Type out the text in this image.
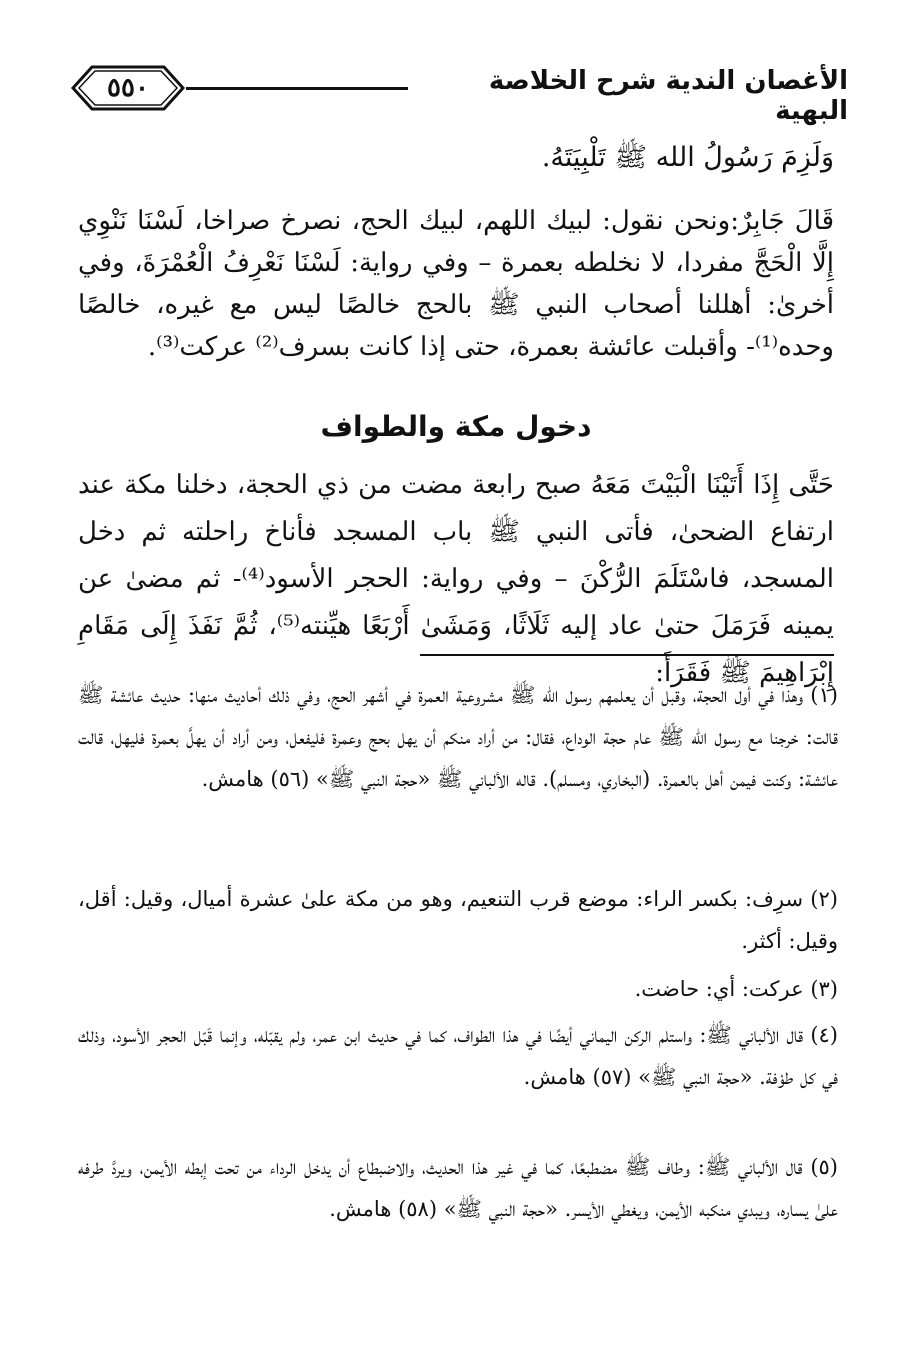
٥٥٠	الأغصان الندية شرح الخلاصة البهية
وَلَزِمَ رَسُولُ الله ﷺ تَلْبِيَتَهُ.
قَالَ جَابِرٌ:ونحن نقول: لبيك اللهم، لبيك الحج، نصرخ صراخا، لَسْنَا نَنْوِي إِلَّا الْحَجَّ مفردا، لا نخلطه بعمرة – وفي رواية: لَسْنَا نَعْرِفُ الْعُمْرَةَ، وفي أخرىٰ: أهللنا أصحاب النبي ﷺ بالحج خالصًا ليس مع غيره، خالصًا وحده⁽¹⁾- وأقبلت عائشة بعمرة، حتى إذا كانت بسرف⁽²⁾ عركت⁽³⁾.
دخول مكة والطواف
حَتَّى إِذَا أَتَيْنَا الْبَيْتَ مَعَهُ صبح رابعة مضت من ذي الحجة، دخلنا مكة عند ارتفاع الضحىٰ، فأتى النبي ﷺ باب المسجد فأناخ راحلته ثم دخل المسجد، فاسْتَلَمَ الرُّكْنَ – وفي رواية: الحجر الأسود⁽⁴⁾- ثم مضىٰ عن يمينه فَرَمَلَ حتىٰ عاد إليه ثَلَاثًا، وَمَشَىٰ أَرْبَعًا هيِّنته⁽⁵⁾، ثُمَّ نَفَذَ إِلَى مَقَامِ إِبْرَاهِيمَ ﷺ فَقَرَأَ:
(١) وهذا في أول الحجة، وقبل أن يعلمهم رسول الله ﷺ مشروعية العمرة في أشهر الحج، وفي ذلك أحاديث منها: حديث عائشة ﷺ قالت: خرجنا مع رسول الله ﷺ عام حجة الوداع، فقال: من أراد منكم أن يهل بحج وعمرة فليفعل، ومن أراد أن يهلَّ بعمرة فليهل، قالت عائشة: وكنت فيمن أهل بالعمرة. (البخاري، ومسلم). قاله الألباني ﷺ «حجة النبي ﷺ» (٥٦) هامش.
(٢) سرِف: بكسر الراء: موضع قرب التنعيم، وهو من مكة علىٰ عشرة أميال، وقيل: أقل، وقيل: أكثر.
(٣) عركت: أي: حاضت.
(٤) قال الألباني ﷺ: واستلم الركن اليماني أيضًا في هذا الطواف، كما في حديث ابن عمر، ولم يقبّله، وإنما قَبّل الحجر الأسود، وذلك في كل طوْفة. «حجة النبي ﷺ» (٥٧) هامش.
(٥) قال الألباني ﷺ: وطاف ﷺ مضطبعًا، كما في غير هذا الحديث، والاضبطاع أن يدخل الرداء من تحت إبطه الأيمن، ويردَّ طرفه علىٰ يساره، ويبدي منكبه الأيمن، ويغطي الأيسر. «حجة النبي ﷺ» (٥٨) هامش.
